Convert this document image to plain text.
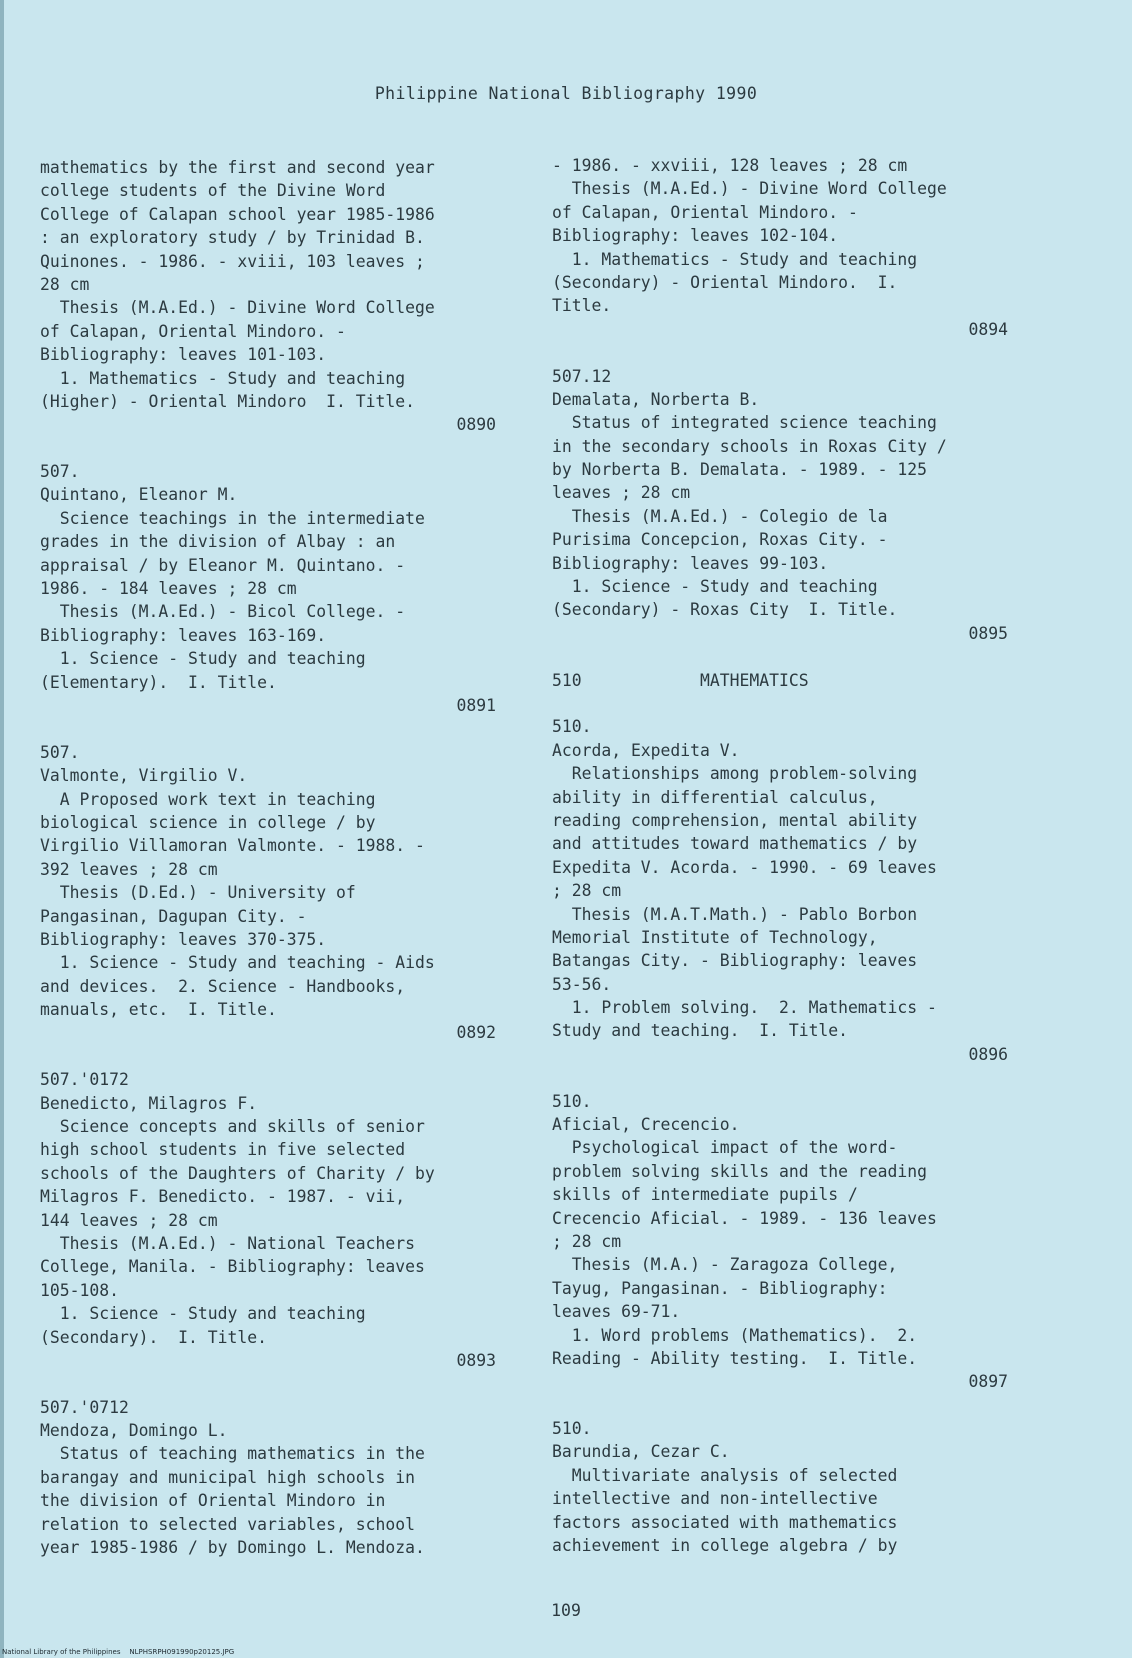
Philippine National Bibliography 1990
mathematics by the first and second year
college students of the Divine Word
College of Calapan school year 1985-1986
: an exploratory study / by Trinidad B.
Quinones. - 1986. - xviii, 103 leaves ;
28 cm
Thesis (M.A.Ed.) - Divine Word College
of Calapan, Oriental Mindoro. -
Bibliography: leaves 101-103.
1. Mathematics - Study and teaching
(Higher) - Oriental Mindoro  I. Title.
0890
507.
Quintano, Eleanor M.
Science teachings in the intermediate
grades in the division of Albay : an
appraisal / by Eleanor M. Quintano. -
1986. - 184 leaves ; 28 cm
Thesis (M.A.Ed.) - Bicol College. -
Bibliography: leaves 163-169.
1. Science - Study and teaching
(Elementary).  I. Title.
0891
507.
Valmonte, Virgilio V.
A Proposed work text in teaching
biological science in college / by
Virgilio Villamoran Valmonte. - 1988. -
392 leaves ; 28 cm
Thesis (D.Ed.) - University of
Pangasinan, Dagupan City. -
Bibliography: leaves 370-375.
1. Science - Study and teaching - Aids
and devices.  2. Science - Handbooks,
manuals, etc.  I. Title.
0892
507.'0172
Benedicto, Milagros F.
Science concepts and skills of senior
high school students in five selected
schools of the Daughters of Charity / by
Milagros F. Benedicto. - 1987. - vii,
144 leaves ; 28 cm
Thesis (M.A.Ed.) - National Teachers
College, Manila. - Bibliography: leaves
105-108.
1. Science - Study and teaching
(Secondary).  I. Title.
0893
507.'0712
Mendoza, Domingo L.
Status of teaching mathematics in the
barangay and municipal high schools in
the division of Oriental Mindoro in
relation to selected variables, school
year 1985-1986 / by Domingo L. Mendoza.
- 1986. - xxviii, 128 leaves ; 28 cm
Thesis (M.A.Ed.) - Divine Word College
of Calapan, Oriental Mindoro. -
Bibliography: leaves 102-104.
1. Mathematics - Study and teaching
(Secondary) - Oriental Mindoro.  I.
Title.
0894
507.12
Demalata, Norberta B.
Status of integrated science teaching
in the secondary schools in Roxas City /
by Norberta B. Demalata. - 1989. - 125
leaves ; 28 cm
Thesis (M.A.Ed.) - Colegio de la
Purisima Concepcion, Roxas City. -
Bibliography: leaves 99-103.
1. Science - Study and teaching
(Secondary) - Roxas City  I. Title.
0895
510            MATHEMATICS
510.
Acorda, Expedita V.
Relationships among problem-solving
ability in differential calculus,
reading comprehension, mental ability
and attitudes toward mathematics / by
Expedita V. Acorda. - 1990. - 69 leaves
; 28 cm
Thesis (M.A.T.Math.) - Pablo Borbon
Memorial Institute of Technology,
Batangas City. - Bibliography: leaves
53-56.
1. Problem solving.  2. Mathematics -
Study and teaching.  I. Title.
0896
510.
Aficial, Crecencio.
Psychological impact of the word-
problem solving skills and the reading
skills of intermediate pupils /
Crecencio Aficial. - 1989. - 136 leaves
; 28 cm
Thesis (M.A.) - Zaragoza College,
Tayug, Pangasinan. - Bibliography:
leaves 69-71.
1. Word problems (Mathematics).  2.
Reading - Ability testing.  I. Title.
0897
510.
Barundia, Cezar C.
Multivariate analysis of selected
intellective and non-intellective
factors associated with mathematics
achievement in college algebra / by
109
National Library of the Philippines    NLPHSRPH091990p20125.JPG
